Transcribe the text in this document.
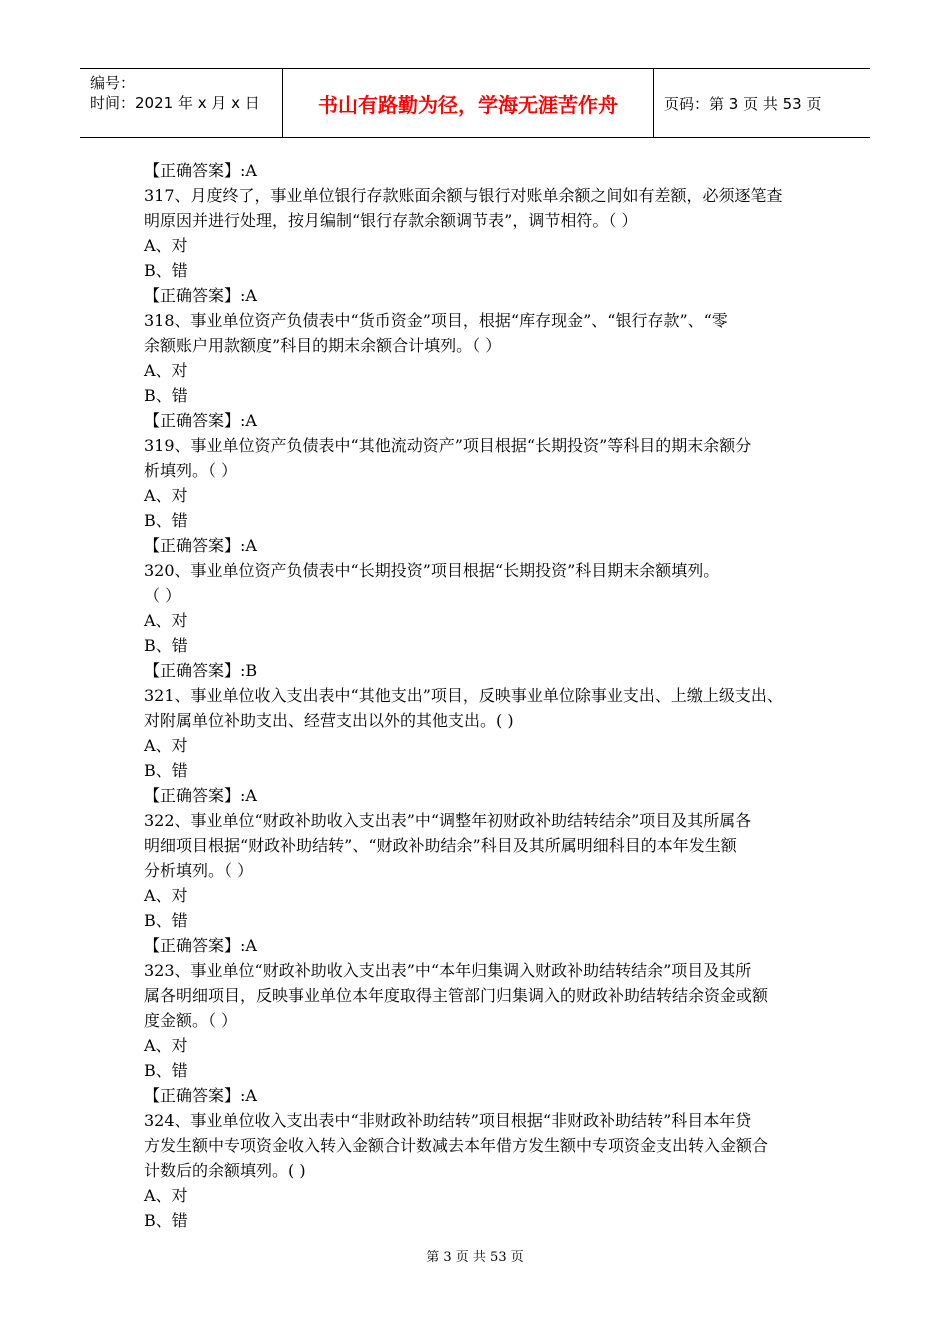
编号：
时间：2021 年 x 月 x 日	书山有路勤为径，学海无涯苦作舟	页码：第 3 页 共 53 页
【正确答案】:A
317、月度终了，事业单位银行存款账面余额与银行对账单余额之间如有差额，必须逐笔查
明原因并进行处理，按月编制“银行存款余额调节表”，调节相符。（ ）
A、对
B、错
【正确答案】:A
318、事业单位资产负债表中“货币资金”项目，根据“库存现金”、“银行存款”、“零
余额账户用款额度”科目的期末余额合计填列。（ ）
A、对
B、错
【正确答案】:A
319、事业单位资产负债表中“其他流动资产”项目根据“长期投资”等科目的期末余额分
析填列。（ ）
A、对
B、错
【正确答案】:A
320、事业单位资产负债表中“长期投资”项目根据“长期投资”科目期末余额填列。
（ ）
A、对
B、错
【正确答案】:B
321、事业单位收入支出表中“其他支出”项目，反映事业单位除事业支出、上缴上级支出、
对附属单位补助支出、经营支出以外的其他支出。( )
A、对
B、错
【正确答案】:A
322、事业单位“财政补助收入支出表”中“调整年初财政补助结转结余”项目及其所属各
明细项目根据“财政补助结转”、“财政补助结余”科目及其所属明细科目的本年发生额
分析填列。（ ）
A、对
B、错
【正确答案】:A
323、事业单位“财政补助收入支出表”中“本年归集调入财政补助结转结余”项目及其所
属各明细项目，反映事业单位本年度取得主管部门归集调入的财政补助结转结余资金或额
度金额。（ ）
A、对
B、错
【正确答案】:A
324、事业单位收入支出表中“非财政补助结转”项目根据“非财政补助结转”科目本年贷
方发生额中专项资金收入转入金额合计数减去本年借方发生额中专项资金支出转入金额合
计数后的余额填列。( )
A、对
B、错
第 3 页 共 53 页
